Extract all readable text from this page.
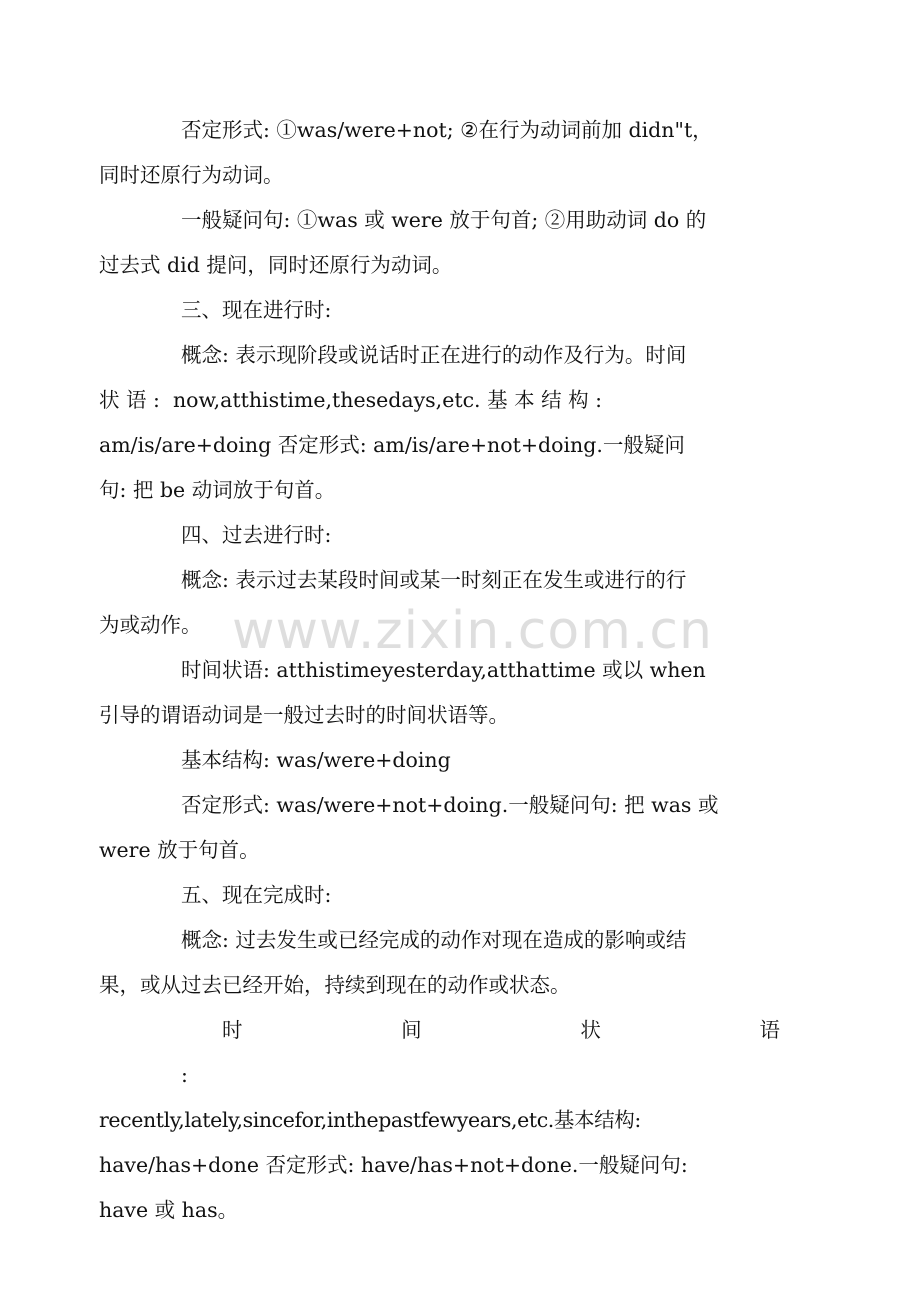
否定形式: ①was/were+not; ②在行为动词前加 didn"t，
同时还原行为动词。
一般疑问句: ①was 或 were 放于句首; ②用助动词 do 的
过去式 did 提问，同时还原行为动词。
三、现在进行时:
概念: 表示现阶段或说话时正在进行的动作及行为。时间
状 语 :  now,atthistime,thesedays,etc. 基 本 结 构 :
am/is/are+doing 否定形式: am/is/are+not+doing.一般疑问
句: 把 be 动词放于句首。
四、过去进行时:
概念: 表示过去某段时间或某一时刻正在发生或进行的行
为或动作。
时间状语: atthistimeyesterday,atthattime 或以 when
引导的谓语动词是一般过去时的时间状语等。
基本结构: was/were+doing
否定形式: was/were+not+doing.一般疑问句: 把 was 或
were 放于句首。
五、现在完成时:
概念: 过去发生或已经完成的动作对现在造成的影响或结
果，或从过去已经开始，持续到现在的动作或状态。
时 间 状 语 :
recently,lately,sincefor,inthepastfewyears,etc.基本结构:
have/has+done 否定形式: have/has+not+done.一般疑问句:
have 或 has。
www.zixin.com.cn
